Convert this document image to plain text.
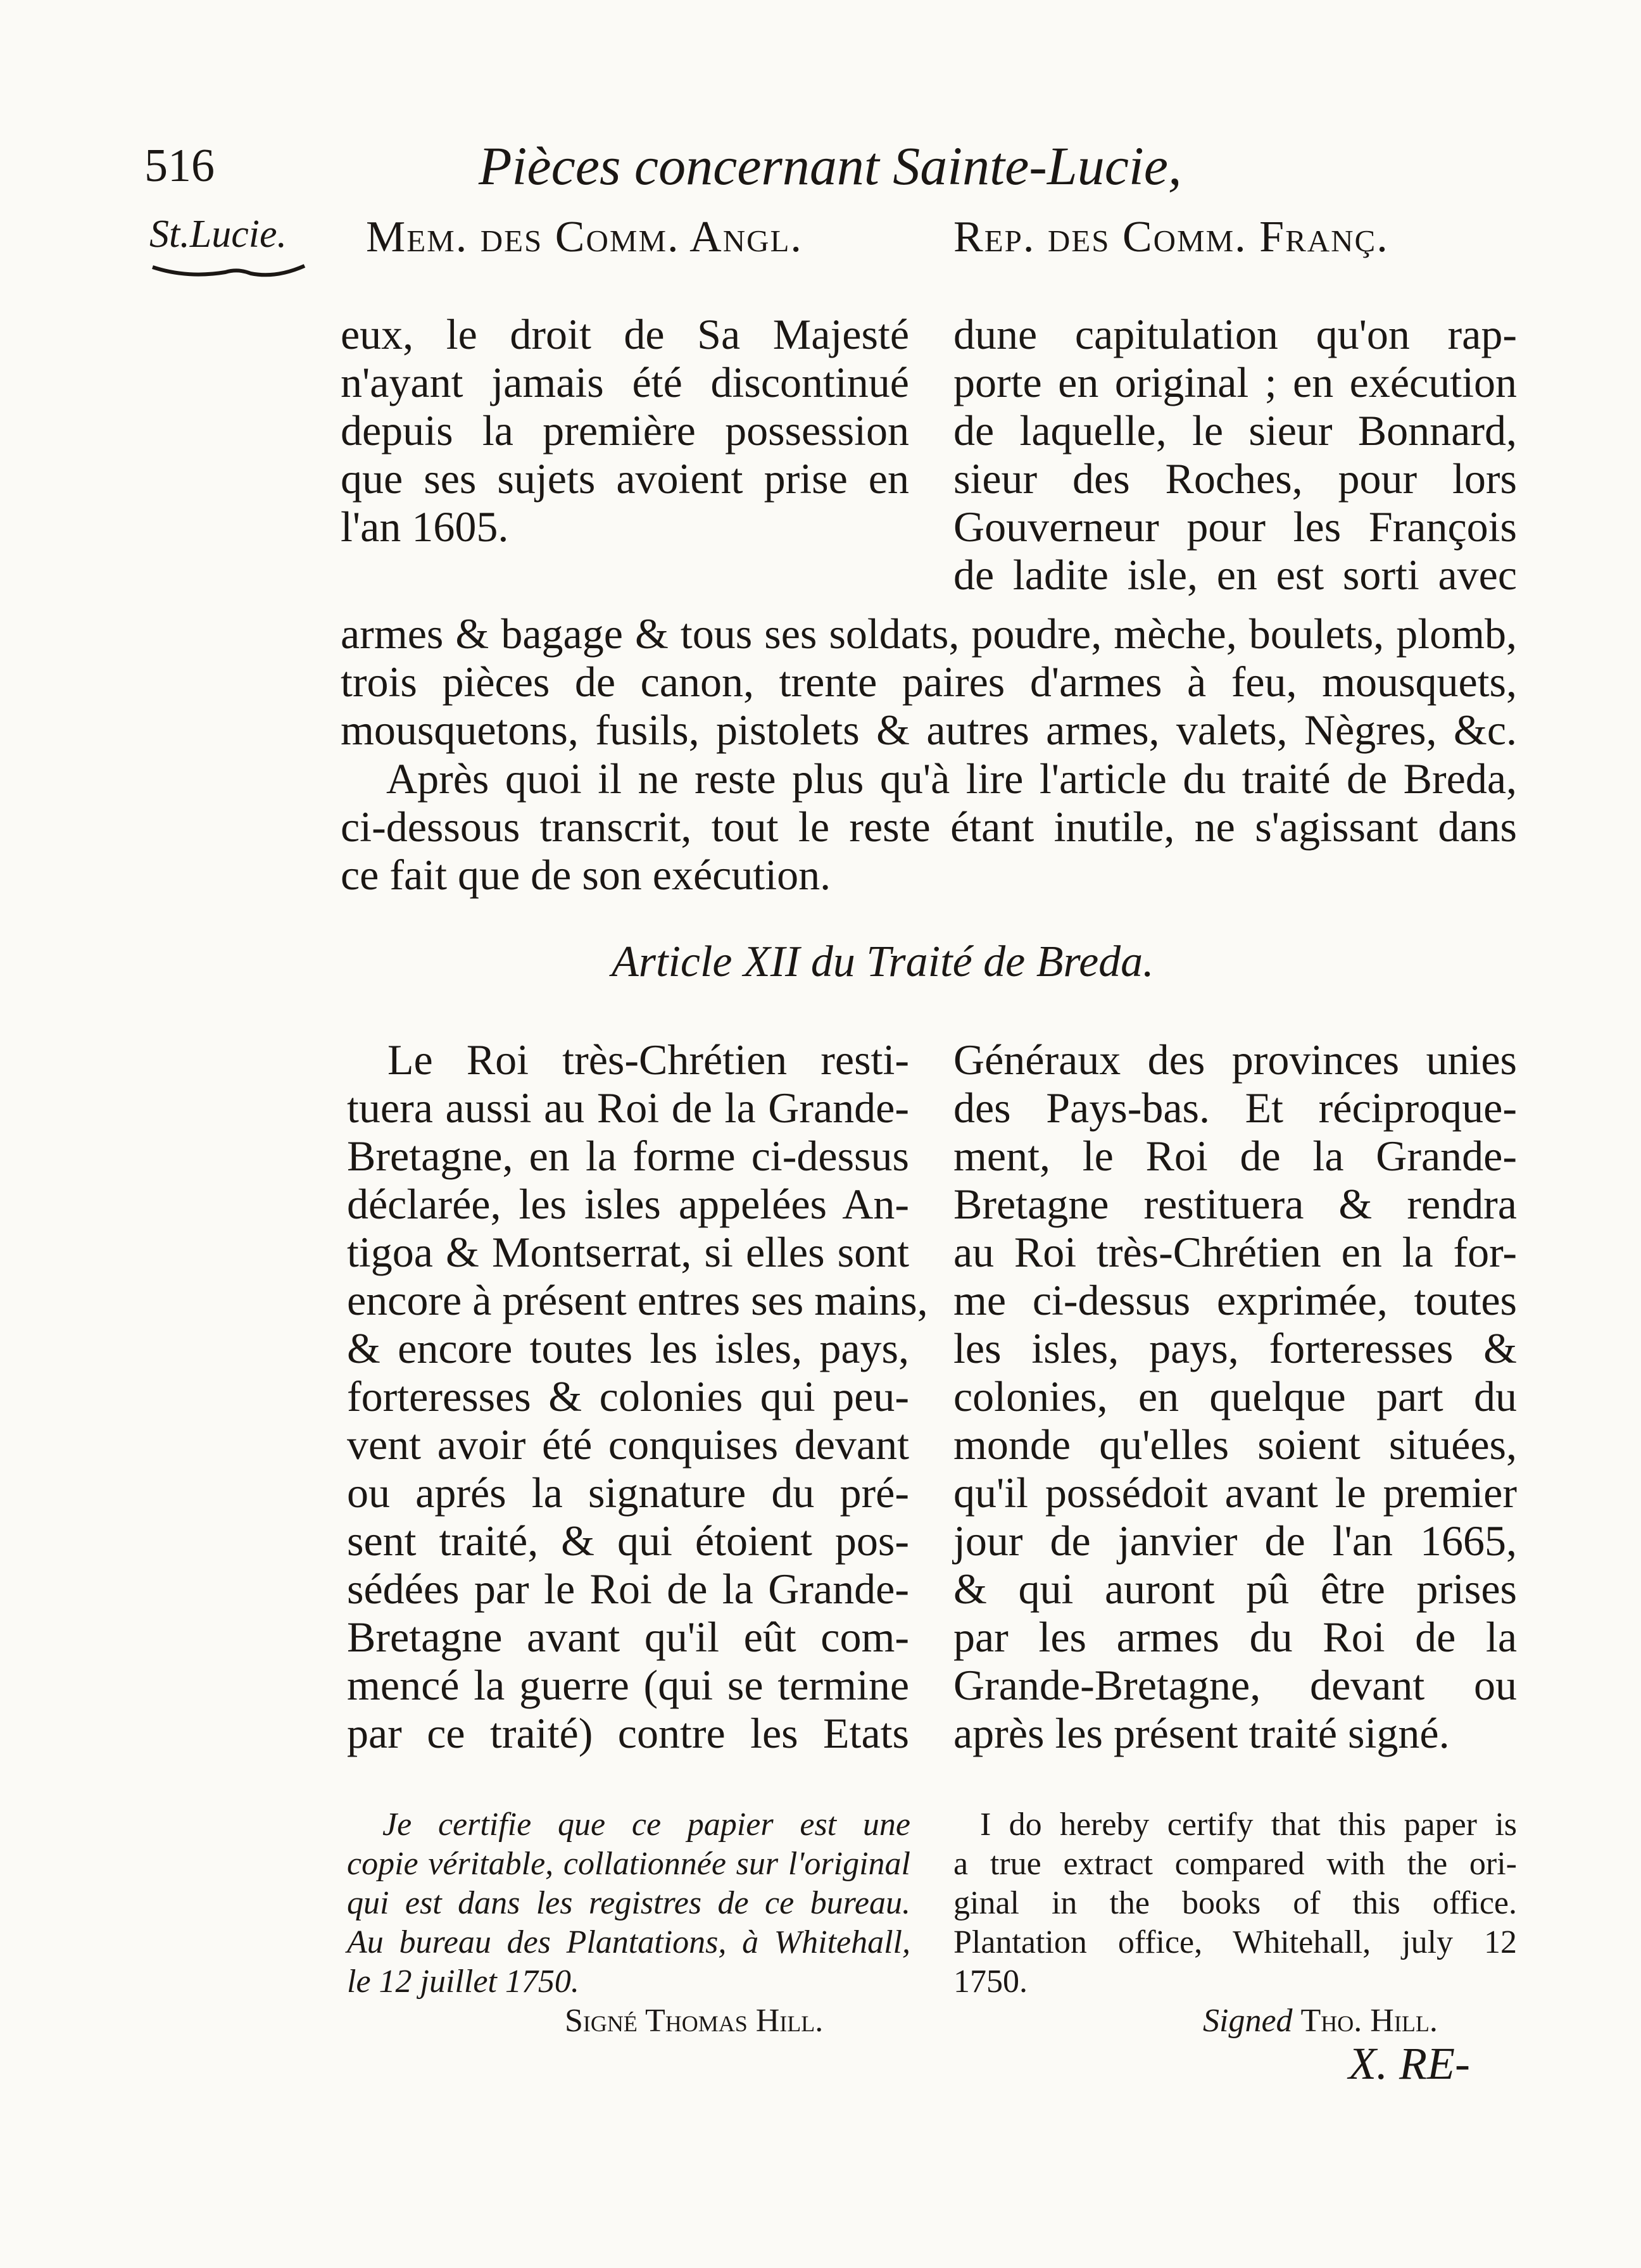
516	Pièces concernant Sainte-Lucie,
St.Lucie. Mem. des Comm. Angl.	Rep. des Comm. Franç.
eux, le droit de Sa Majesté
n'ayant jamais été discontinué
depuis la première possession
que ses sujets avoient prise en
l'an 1605.
dune capitulation qu'on rap-
porte en original ; en exécution
de laquelle, le sieur Bonnard,
sieur des Roches, pour lors
Gouverneur pour les François
de ladite isle, en est sorti avec
armes & bagage & tous ses soldats, poudre, mèche, boulets, plomb,
trois pièces de canon, trente paires d'armes à feu, mousquets,
mousquetons, fusils, pistolets & autres armes, valets, Nègres, &c.
Après quoi il ne reste plus qu'à lire l'article du traité de Breda,
ci-dessous transcrit, tout le reste étant inutile, ne s'agissant dans
ce fait que de son exécution.
Article XII du Traité de Breda.
Le Roi très-Chrétien resti-
tuera aussi au Roi de la Grande-
Bretagne, en la forme ci-dessus
déclarée, les isles appelées An-
tigoa & Montserrat, si elles sont
encore à présent entres ses mains,
& encore toutes les isles, pays,
forteresses & colonies qui peu-
vent avoir été conquises devant
ou aprés la signature du pré-
sent traité, & qui étoient pos-
sédées par le Roi de la Grande-
Bretagne avant qu'il eût com-
mencé la guerre (qui se termine
par ce traité) contre les Etats
Généraux des provinces unies
des Pays-bas. Et réciproque-
ment, le Roi de la Grande-
Bretagne restituera & rendra
au Roi très-Chrétien en la for-
me ci-dessus exprimée, toutes
les isles, pays, forteresses &
colonies, en quelque part du
monde qu'elles soient situées,
qu'il possédoit avant le premier
jour de janvier de l'an 1665,
& qui auront pû être prises
par les armes du Roi de la
Grande-Bretagne, devant ou
après les présent traité signé.
Je certifie que ce papier est une
copie véritable, collationnée sur l'original
qui est dans les registres de ce bureau.
Au bureau des Plantations, à Whitehall,
le 12 juillet 1750.
Signé Thomas Hill.
I do hereby certify that this paper is
a true extract compared with the ori-
ginal in the books of this office.
Plantation office, Whitehall, july 12
1750.
Signed Tho. Hill.
X. RE-
